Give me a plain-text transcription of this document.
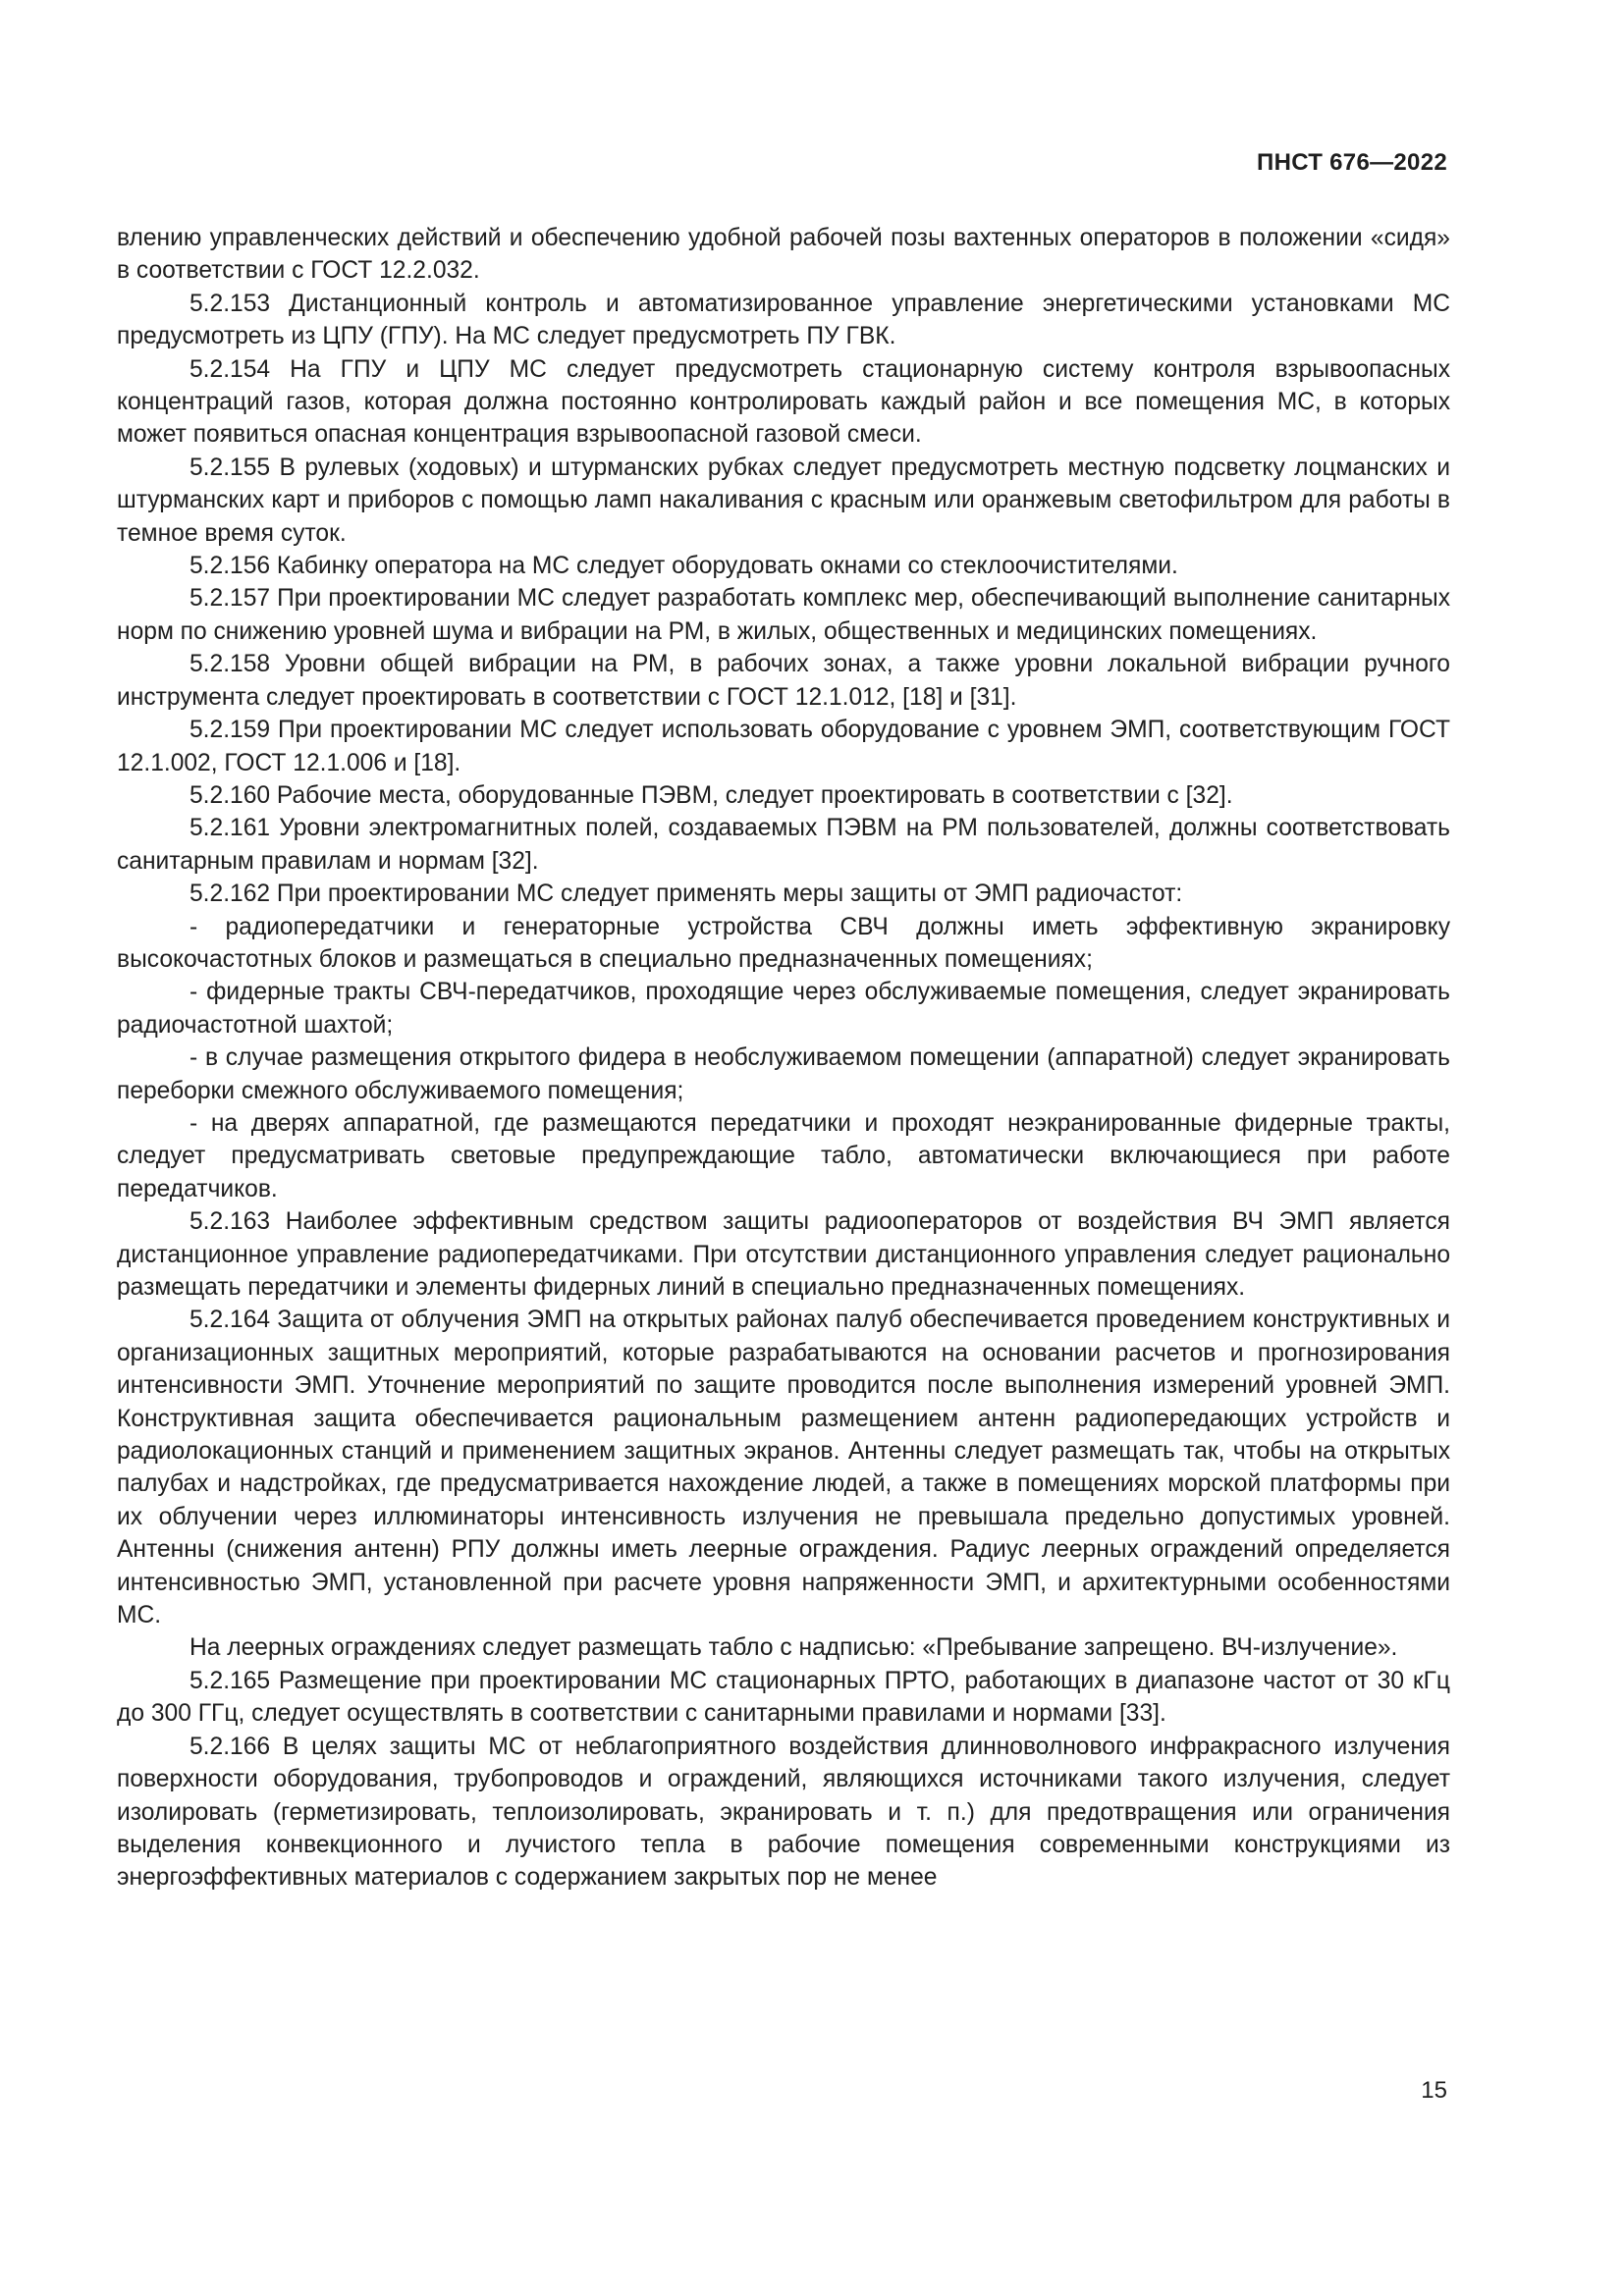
ПНСТ 676—2022

влению управленческих действий и обеспечению удобной рабочей позы вахтенных операторов в положении «сидя» в соответствии с ГОСТ 12.2.032.

5.2.153 Дистанционный контроль и автоматизированное управление энергетическими установками МС предусмотреть из ЦПУ (ГПУ). На МС следует предусмотреть ПУ ГВК.

5.2.154 На ГПУ и ЦПУ МС следует предусмотреть стационарную систему контроля взрывоопасных концентраций газов, которая должна постоянно контролировать каждый район и все помещения МС, в которых может появиться опасная концентрация взрывоопасной газовой смеси.

5.2.155 В рулевых (ходовых) и штурманских рубках следует предусмотреть местную подсветку лоцманских и штурманских карт и приборов с помощью ламп накаливания с красным или оранжевым светофильтром для работы в темное время суток.

5.2.156 Кабинку оператора на МС следует оборудовать окнами со стеклоочистителями.

5.2.157 При проектировании МС следует разработать комплекс мер, обеспечивающий выполнение санитарных норм по снижению уровней шума и вибрации на РМ, в жилых, общественных и медицинских помещениях.

5.2.158 Уровни общей вибрации на РМ, в рабочих зонах, а также уровни локальной вибрации ручного инструмента следует проектировать в соответствии с ГОСТ 12.1.012, [18] и [31].

5.2.159 При проектировании МС следует использовать оборудование с уровнем ЭМП, соответствующим ГОСТ 12.1.002, ГОСТ 12.1.006 и [18].

5.2.160 Рабочие места, оборудованные ПЭВМ, следует проектировать в соответствии с [32].

5.2.161 Уровни электромагнитных полей, создаваемых ПЭВМ на РМ пользователей, должны соответствовать санитарным правилам и нормам [32].

5.2.162 При проектировании МС следует применять меры защиты от ЭМП радиочастот:

- радиопередатчики и генераторные устройства СВЧ должны иметь эффективную экранировку высокочастотных блоков и размещаться в специально предназначенных помещениях;

- фидерные тракты СВЧ-передатчиков, проходящие через обслуживаемые помещения, следует экранировать радиочастотной шахтой;

- в случае размещения открытого фидера в необслуживаемом помещении (аппаратной) следует экранировать переборки смежного обслуживаемого помещения;

- на дверях аппаратной, где размещаются передатчики и проходят неэкранированные фидерные тракты, следует предусматривать световые предупреждающие табло, автоматически включающиеся при работе передатчиков.

5.2.163 Наиболее эффективным средством защиты радиооператоров от воздействия ВЧ ЭМП является дистанционное управление радиопередатчиками. При отсутствии дистанционного управления следует рационально размещать передатчики и элементы фидерных линий в специально предназначенных помещениях.

5.2.164 Защита от облучения ЭМП на открытых районах палуб обеспечивается проведением конструктивных и организационных защитных мероприятий, которые разрабатываются на основании расчетов и прогнозирования интенсивности ЭМП. Уточнение мероприятий по защите проводится после выполнения измерений уровней ЭМП. Конструктивная защита обеспечивается рациональным размещением антенн радиопередающих устройств и радиолокационных станций и применением защитных экранов. Антенны следует размещать так, чтобы на открытых палубах и надстройках, где предусматривается нахождение людей, а также в помещениях морской платформы при их облучении через иллюминаторы интенсивность излучения не превышала предельно допустимых уровней. Антенны (снижения антенн) РПУ должны иметь леерные ограждения. Радиус леерных ограждений определяется интенсивностью ЭМП, установленной при расчете уровня напряженности ЭМП, и архитектурными особенностями МС.

На леерных ограждениях следует размещать табло с надписью: «Пребывание запрещено. ВЧ-излучение».

5.2.165 Размещение при проектировании МС стационарных ПРТО, работающих в диапазоне частот от 30 кГц до 300 ГГц, следует осуществлять в соответствии с санитарными правилами и нормами [33].

5.2.166 В целях защиты МС от неблагоприятного воздействия длинноволнового инфракрасного излучения поверхности оборудования, трубопроводов и ограждений, являющихся источниками такого излучения, следует изолировать (герметизировать, теплоизолировать, экранировать и т. п.) для предотвращения или ограничения выделения конвекционного и лучистого тепла в рабочие помещения современными конструкциями из энергоэффективных материалов с содержанием закрытых пор не менее

15
